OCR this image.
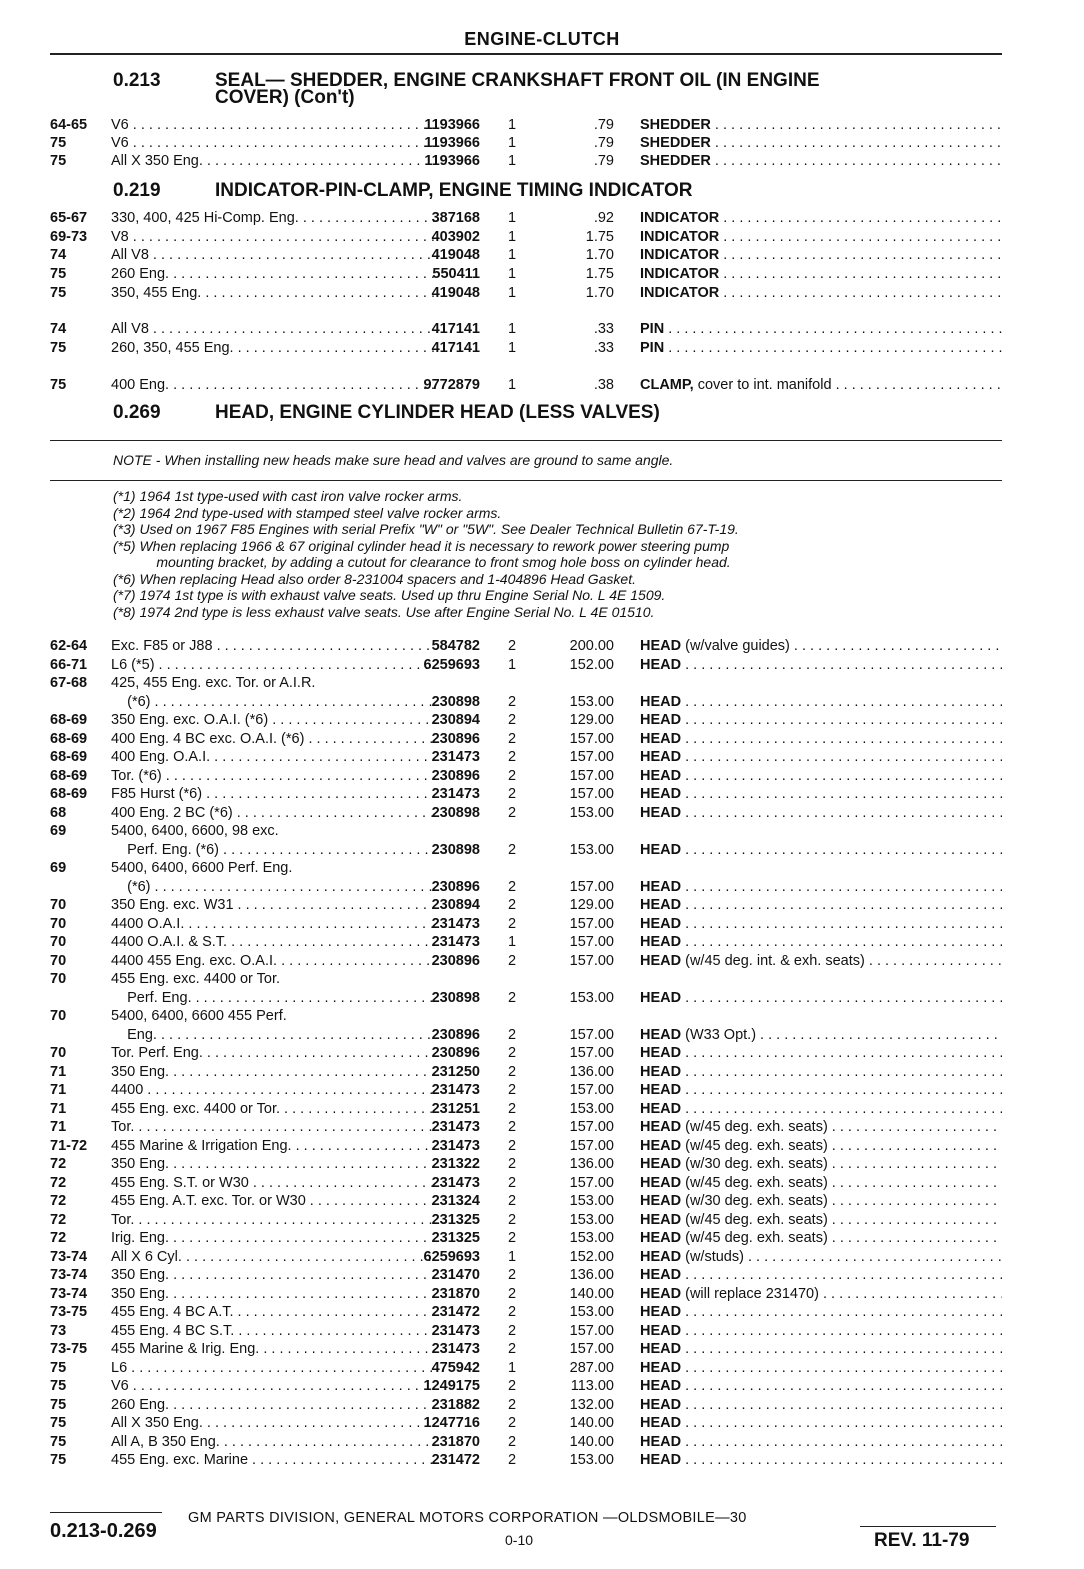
ENGINE-CLUTCH
0.213	SEAL— SHEDDER, ENGINE CRANKSHAFT FRONT OIL (IN ENGINE
COVER) (Con't)
64-65	V6 . . .	1193966	1	.79 SHEDDER . . .
75	V6 . . .	1193966	1	.79 SHEDDER . . .
75	All X 350 Eng. . . .	1193966	1	.79 SHEDDER . . .
0.219	INDICATOR-PIN-CLAMP, ENGINE TIMING INDICATOR
65-67	330, 400, 425 Hi-Comp. Eng. . . .	387168	1	.92 INDICATOR . . .
69-73	V8 . . .	403902	1	1.75 INDICATOR . . .
74	All V8 . . .	419048	1	1.70 INDICATOR . . .
75	260 Eng. . . .	550411	1	1.75 INDICATOR . . .
75	350, 455 Eng. . . .	419048	1	1.70 INDICATOR . . .
74	All V8 . . .	417141	1	.33 PIN . . .
75	260, 350, 455 Eng. . . .	417141	1	.33 PIN . . .
75	400 Eng. . . .	9772879	1	.38 CLAMP, cover to int. manifold . . .
0.269	HEAD, ENGINE CYLINDER HEAD (LESS VALVES)
NOTE - When installing new heads make sure head and valves are ground to same angle.
(*1) 1964 1st type-used with cast iron valve rocker arms.
(*2) 1964 2nd type-used with stamped steel valve rocker arms.
(*3) Used on 1967 F85 Engines with serial Prefix "W" or "5W". See Dealer Technical Bulletin 67-T-19.
(*5) When replacing 1966 & 67 original cylinder head it is necessary to rework power steering pump
mounting bracket, by adding a cutout for clearance to front smog hole boss on cylinder head.
(*6) When replacing Head also order 8-231004 spacers and 1-404896 Head Gasket.
(*7) 1974 1st type is with exhaust valve seats. Used up thru Engine Serial No. L 4E 1509.
(*8) 1974 2nd type is less exhaust valve seats. Use after Engine Serial No. L 4E 01510.
62-64	Exc. F85 or J88 . . .	584782	2	200.00 HEAD (w/valve guides) . . .
66-71	L6 (*5) . . .	6259693	1	152.00 HEAD . . .
67-68	425, 455 Eng. exc. Tor. or A.I.R.
(*6) . . .	230898	2	153.00 HEAD . . .
68-69	350 Eng. exc. O.A.I. (*6) . . .	230894	2	129.00 HEAD . . .
68-69	400 Eng. 4 BC exc. O.A.I. (*6) . . .	230896	2	157.00 HEAD . . .
68-69	400 Eng. O.A.I. . . .	231473	2	157.00 HEAD . . .
68-69	Tor. (*6) . . .	230896	2	157.00 HEAD . . .
68-69	F85 Hurst (*6) . . .	231473	2	157.00 HEAD . . .
68	400 Eng. 2 BC (*6) . . .	230898	2	153.00 HEAD . . .
69	5400, 6400, 6600, 98 exc.
Perf. Eng. (*6) . . .	230898	2	153.00 HEAD . . .
69	5400, 6400, 6600 Perf. Eng.
(*6) . . .	230896	2	157.00 HEAD . . .
70	350 Eng. exc. W31 . . .	230894	2	129.00 HEAD . . .
70	4400 O.A.I. . . .	231473	2	157.00 HEAD . . .
70	4400 O.A.I. & S.T. . . .	231473	1	157.00 HEAD . . .
70	4400 455 Eng. exc. O.A.I. . . .	230896	2	157.00 HEAD (w/45 deg. int. & exh. seats) . . .
70	455 Eng. exc. 4400 or Tor.
Perf. Eng. . . .	230898	2	153.00 HEAD . . .
70	5400, 6400, 6600 455 Perf.
Eng. . . .	230896	2	157.00 HEAD (W33 Opt.) . . .
70	Tor. Perf. Eng. . . .	230896	2	157.00 HEAD . . .
71	350 Eng. . . .	231250	2	136.00 HEAD . . .
71	4400 . . .	231473	2	157.00 HEAD . . .
71	455 Eng. exc. 4400 or Tor. . . .	231251	2	153.00 HEAD . . .
71	Tor. . . .	231473	2	157.00 HEAD (w/45 deg. exh. seats) . . .
71-72	455 Marine & Irrigation Eng. . . .	231473	2	157.00 HEAD (w/45 deg. exh. seats) . . .
72	350 Eng. . . .	231322	2	136.00 HEAD (w/30 deg. exh. seats) . . .
72	455 Eng. S.T. or W30 . . .	231473	2	157.00 HEAD (w/45 deg. exh. seats) . . .
72	455 Eng. A.T. exc. Tor. or W30 . . .	231324	2	153.00 HEAD (w/30 deg. exh. seats) . . .
72	Tor. . . .	231325	2	153.00 HEAD (w/45 deg. exh. seats) . . .
72	Irig. Eng. . . .	231325	2	153.00 HEAD (w/45 deg. exh. seats) . . .
73-74	All X 6 Cyl. . . .	6259693	1	152.00 HEAD (w/studs) . . .
73-74	350 Eng. . . .	231470	2	136.00 HEAD . . .
73-74	350 Eng. . . .	231870	2	140.00 HEAD (will replace 231470) . . .
73-75	455 Eng. 4 BC A.T. . . .	231472	2	153.00 HEAD . . .
73	455 Eng. 4 BC S.T. . . .	231473	2	157.00 HEAD . . .
73-75	455 Marine & Irig. Eng. . . .	231473	2	157.00 HEAD . . .
75	L6 . . .	475942	1	287.00 HEAD . . .
75	V6 . . .	1249175	2	113.00 HEAD . . .
75	260 Eng. . . .	231882	2	132.00 HEAD . . .
75	All X 350 Eng. . . .	1247716	2	140.00 HEAD . . .
75	All A, B 350 Eng. . . .	231870	2	140.00 HEAD . . .
75	455 Eng. exc. Marine . . .	231472	2	153.00 HEAD . . .
0.213-0.269
GM PARTS DIVISION, GENERAL MOTORS CORPORATION —OLDSMOBILE—30
0-10	REV. 11-79
